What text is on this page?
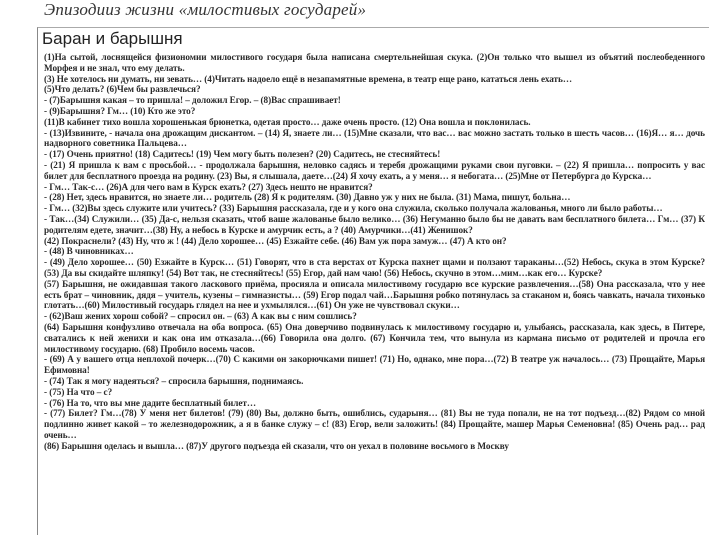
Эпизодииз жизни «милостивых государей»
Баран и барышня

(1)На сытой, лоснящейся физиономии милостивого государя была написана смертельнейшая скука. (2)Он только что вышел из объятий послеобеденного Морфея и не знал, что ему делать.

(3) Не хотелось ни думать, ни зевать… (4)Читать надоело ещё в незапамятные времена, в театр еще рано, кататься лень ехать…

(5)Что делать? (6)Чем бы развлечься?

- (7)Барышня какая – то пришла! – доложил Егор. – (8)Вас спрашивает!

- (9)Барышня? Гм… (10) Кто же это?

(11)В кабинет тихо вошла хорошенькая брюнетка, одетая просто… даже очень просто. (12) Она вошла и поклонилась.

- (13)Извините, - начала она дрожащим дискантом. – (14) Я, знаете ли… (15)Мне сказали, что вас… вас можно застать только в шесть часов… (16)Я… я… дочь надворного советника Пальцева…

- (17) Очень приятно! (18) Садитесь! (19) Чем могу быть полезен? (20) Садитесь, не стесняйтесь!

- (21) Я пришла к вам с просьбой… - продолжала барышня, неловко садясь и теребя дрожащими руками свои пуговки. – (22) Я пришла… попросить у вас билет для бесплатного проезда на родину. (23) Вы, я слышала, даете…(24) Я хочу ехать, а у меня… я небогата… (25)Мне от Петербурга до Курска…

- Гм… Так-с… (26)А для чего вам в Курск ехать? (27) Здесь нешто не нравится?

- (28) Нет, здесь нравится, но знаете ли… родитель (28) Я к родителям. (30) Давно уж у них не была. (31) Мама, пишут, больна…

- Гм… (32)Вы здесь служите или учитесь? (33) Барышня рассказала, где и у кого она служила, сколько получала жалованья, много ли было работы…

- Так…(34) Служили… (35) Да-с, нельзя сказать, чтоб ваше жалованье было велико… (36) Негуманно было бы не давать вам бесплатного билета… Гм… (37) К родителям едете, значит…(38) Ну, а небось в Курске и амурчик есть, а ? (40) Амурчики…(41) Женишок?

(42) Покраснели? (43) Ну, что ж ! (44) Дело хорошее… (45) Езжайте себе. (46) Вам уж пора замуж… (47) А кто он?

- (48) В чиновниках…

- (49) Дело хорошее… (50) Езжайте в Курск… (51) Говорят, что в ста верстах от Курска пахнет щами и ползают тараканы…(52) Небось, скука в этом Курске? (53) Да вы скидайте шляпку! (54) Вот так, не стесняйтесь! (55) Егор, дай нам чаю! (56) Небось, скучно в этом…мим…как его… Курске?

(57) Барышня, не ожидавшая такого ласкового приёма, просияла и описала милостивому государю все курские развлечения…(58) Она рассказала, что у нее есть брат – чиновник, дядя – учитель, кузены – гимназисты… (59) Егор подал чай…Барышня робко потянулась за стаканом и, боясь чавкать, начала тихонько глотать…(60) Милостивый государь глядел на нее и ухмылялся…(61) Он уже не чувствовал скуки…

- (62)Ваш жених хорош собой? – спросил он. – (63) А как вы с ним сошлись?

(64) Барышня конфузливо отвечала на оба вопроса. (65) Она доверчиво подвинулась к милостивому государю и, улыбаясь, рассказала, как здесь, в Питере, сватались к ней женихи и как она им отказала…(66) Говорила она долго. (67) Кончила тем, что вынула из кармана письмо от родителей и прочла его милостивому государю. (68) Пробило восемь часов.

- (69) А у вашего отца неплохой почерк…(70) С какими он закорючками пишет! (71) Но, однако, мне пора…(72) В театре уж началось… (73) Прощайте, Марья Ефимовна!

- (74) Так я могу надеяться? – спросила барышня, поднимаясь.

- (75) На что – с?

- (76) На то, что вы мне дадите бесплатный билет…

- (77) Билет? Гм…(78) У меня нет билетов! (79) (80) Вы, должно быть, ошиблись, сударыня… (81) Вы не туда попали, не на тот подъезд…(82) Рядом со мной подлинно живет какой – то железнодорожник, а я в банке служу – с! (83) Егор, вели заложить! (84) Прощайте, машер Марья Семеновна! (85) Очень рад… рад очень…

(86) Барышня оделась и вышла… (87)У другого подъезда ей сказали, что он уехал в половине восьмого в Москву
